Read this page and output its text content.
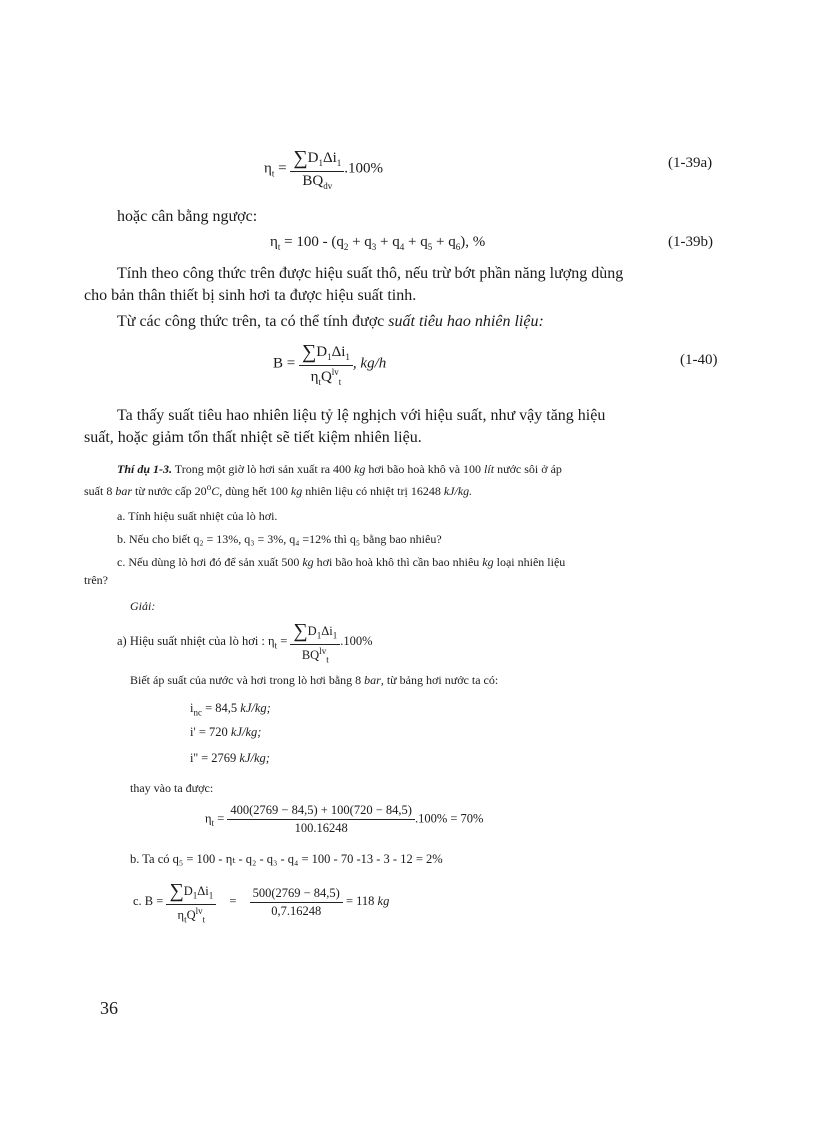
$\eta_t = \frac{\sum D_1\Delta i_1}{BQ_{dv}} .100\%$	(1-39a)
hoặc cân bằng ngược:
$\eta_t = 100 - (q_2 + q_3 + q_4 + q_5 + q_6)$, %	(1-39b)
Tính theo công thức trên được hiệu suất thô, nếu trừ bớt phần năng lượng dùng
cho bản thân thiết bị sinh hơi ta được hiệu suất tinh.
Từ các công thức trên, ta có thể tính được suất tiêu hao nhiên liệu:
$B = \frac{\sum D_1\Delta i_1}{\eta_tQ^{lv}_t}$ , kg/h	(1-40)
Ta thấy suất tiêu hao nhiên liệu tỷ lệ nghịch với hiệu suất, như vậy tăng hiệu
suất, hoặc giảm tổn thất nhiệt sẽ tiết kiệm nhiên liệu.
Thí dụ 1-3. Trong một giờ lò hơi sản xuất ra 400 kg hơi bão hoà khô và 100 lít nước sôi ở áp
suất 8 bar từ nước cấp 20$^o$C, dùng hết 100 kg nhiên liệu có nhiệt trị 16248 kJ/kg.
a. Tính hiệu suất nhiệt của lò hơi.
b. Nếu cho biết q₂ = 13%, q₃ = 3%, q₄ =12% thì q₅ bằng bao nhiêu?
c. Nếu dùng lò hơi đó để sản xuất 500 kg hơi bão hoà khô thì cần bao nhiêu kg loại nhiên liệu
trên?
Giải:
a) Hiệu suất nhiệt của lò hơi : $\eta_t = \frac{\sum D_1\Delta i_1}{BQ^{lv}_t} .100\%$
Biết áp suất của nước và hơi trong lò hơi bằng 8 bar, từ bảng hơi nước ta có:
$i_{nc} = 84,5$ kJ/kg;
i' = 720 kJ/kg;
i'' = 2769 kJ/kg;
thay vào ta được:
$\eta_t = \frac{400(2769 - 84,5) + 100(720 - 84,5)}{100.16248} .100\% = 70\%$
b. Ta có q₅ = 100 - ηₜ - q₂ - q₃ - q₄ = 100 - 70 -13 - 3 - 12 = 2%
c. $B = \frac{\sum D_1\Delta i_1}{\eta_tQ^{lv}_t} = \frac{500(2769 - 84,5)}{0,7.16248} = 118$ kg
36
